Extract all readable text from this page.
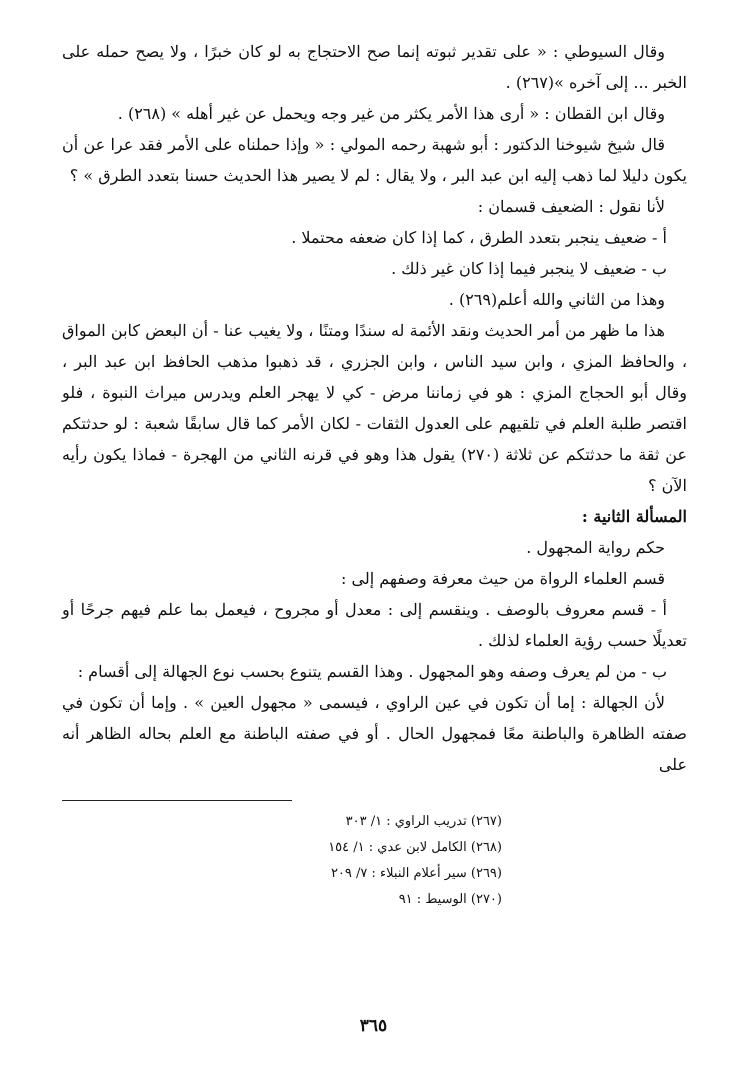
وقال السيوطي : « على تقدير ثبوته إنما صح الاحتجاج به لو كان خبرًا ، ولا يصح حمله على الخبر ... إلى آخره »(٢٦٧) .

وقال ابن القطان : « أرى هذا الأمر يكثر من غير وجه ويحمل عن غير أهله » (٢٦٨) .

قال شيخ شيوخنا الدكتور : أبو شهبة رحمه المولي : « وإذا حملناه على الأمر فقد عرا عن أن يكون دليلا لما ذهب إليه ابن عبد البر ، ولا يقال : لم لا يصير هذا الحديث حسنا بتعدد الطرق » ؟

لأنا نقول : الضعيف قسمان :

أ - ضعيف ينجبر بتعدد الطرق ، كما إذا كان ضعفه محتملا .

ب - ضعيف لا ينجبر فيما إذا كان غير ذلك .

وهذا من الثاني والله أعلم(٢٦٩) .

هذا ما ظهر من أمر الحديث ونقد الأئمة له سندًا ومتنًا ، ولا يغيب عنا - أن البعض كابن المواق ، والحافظ المزي ، وابن سيد الناس ، وابن الجزري ، قد ذهبوا مذهب الحافظ ابن عبد البر ، وقال أبو الحجاج المزي : هو في زماننا مرض - كي لا يهجر العلم ويدرس ميراث النبوة ، فلو اقتصر طلبة العلم في تلقيهم على العدول الثقات - لكان الأمر كما قال سابقًا شعبة : لو حدثتكم عن ثقة ما حدثتكم عن ثلاثة (٢٧٠) يقول هذا وهو في قرنه الثاني من الهجرة - فماذا يكون رأيه الآن ؟

المسألة الثانية :

حكم رواية المجهول .

قسم العلماء الرواة من حيث معرفة وصفهم إلى :

أ - قسم معروف بالوصف . وينقسم إلى : معدل أو مجروح ، فيعمل بما علم فيهم جرحًا أو تعديلًا حسب رؤية العلماء لذلك .

ب - من لم يعرف وصفه وهو المجهول . وهذا القسم يتنوع بحسب نوع الجهالة إلى أقسام :

لأن الجهالة : إما أن تكون في عين الراوي ، فيسمى « مجهول العين » . وإما أن تكون في صفته الظاهرة والباطنة معًا فمجهول الحال . أو في صفته الباطنة مع العلم بحاله الظاهر أنه على

(٢٦٧) تدريب الراوي : ١/ ٣٠٣

(٢٦٨) الكامل لابن عدي : ١/ ١٥٤

(٢٦٩) سير أعلام النبلاء : ٧/ ٢٠٩

(٢٧٠) الوسيط : ٩١

٣٦٥
